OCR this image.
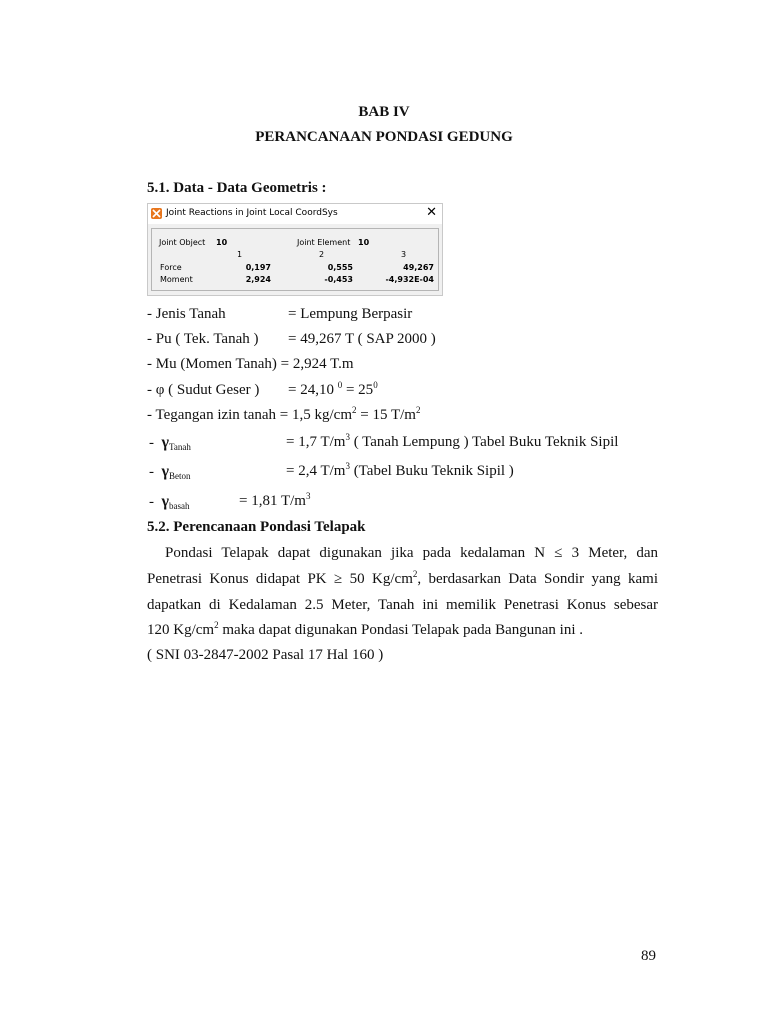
BAB IV
PERANCANAAN PONDASI GEDUNG
5.1. Data - Data Geometris :
Joint Reactions in Joint Local CoordSys	✕
Joint Object 10	Joint Element 10
1	2	3
Force	0,197	0,555	49,267
Moment	2,924	-0,453	-4,932E-04
- Jenis Tanah	= Lempung Berpasir
- Pu ( Tek. Tanah ) = 49,267 T ( SAP 2000 )
- Mu (Momen Tanah) = 2,924 T.m
- φ ( Sudut Geser ) = 24,10 $^0 = 25^0$
- Tegangan izin tanah = 1,5 $kg/cm^2 = 15$ $T/m^2$
- $\gamma_{Tanah}$	= 1,7 $T/m^3$ ( Tanah Lempung ) Tabel Buku Teknik Sipil
- $\gamma_{Beton}$	= 2,4 $T/m^3$ (Tabel Buku Teknik Sipil )
- $\gamma_{basah}$	= 1,81 $T/m^3$
5.2. Perencanaan Pondasi Telapak
Pondasi Telapak dapat digunakan jika pada kedalaman N ≤ 3 Meter, dan
Penetrasi Konus didapat PK ≥ 50 $Kg/cm^2$, berdasarkan Data Sondir yang kami
dapatkan di Kedalaman 2.5 Meter, Tanah ini memilik Penetrasi Konus sebesar
120 $Kg/cm^2$ maka dapat digunakan Pondasi Telapak pada Bangunan ini .
( SNI 03-2847-2002 Pasal 17 Hal 160 )
89
